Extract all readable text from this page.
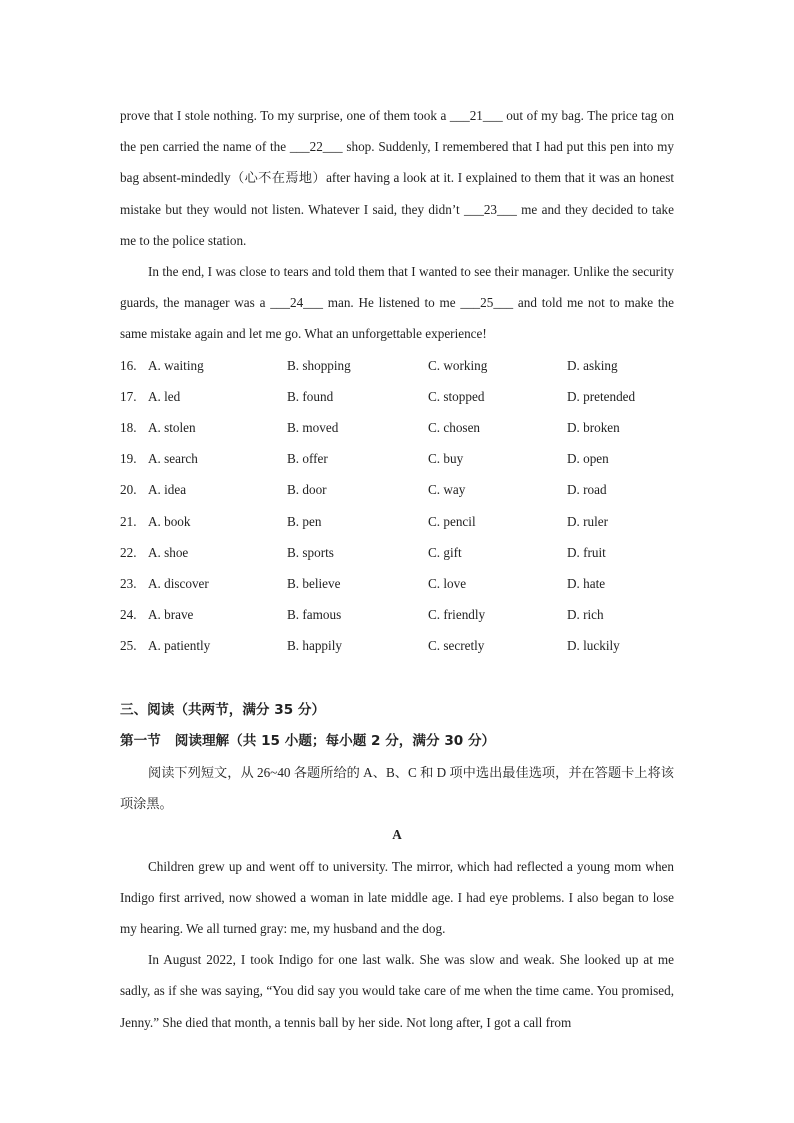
prove that I stole nothing. To my surprise, one of them took a ___21___ out of my bag. The price tag on the pen carried the name of the ___22___ shop. Suddenly, I remembered that I had put this pen into my bag absent-mindedly（心不在焉地）after having a look at it. I explained to them that it was an honest mistake but they would not listen. Whatever I said, they didn’t ___23___ me and they decided to take me to the police station.

In the end, I was close to tears and told them that I wanted to see their manager. Unlike the security guards, the manager was a ___24___ man. He listened to me ___25___ and told me not to make the same mistake again and let me go. What an unforgettable experience!

16. A. waiting	B. shopping	C. working	D. asking
17. A. led	B. found	C. stopped	D. pretended
18. A. stolen	B. moved	C. chosen	D. broken
19. A. search	B. offer	C. buy	D. open
20. A. idea	B. door	C. way	D. road
21. A. book	B. pen	C. pencil	D. ruler
22. A. shoe	B. sports	C. gift	D. fruit
23. A. discover	B. believe	C. love	D. hate
24. A. brave	B. famous	C. friendly	D. rich
25. A. patiently	B. happily	C. secretly	D. luckily

三、阅读（共两节，满分 35 分）

第一节 阅读理解（共 15 小题；每小题 2 分，满分 30 分）

阅读下列短文，从 26~40 各题所给的 A、B、C 和 D 项中选出最佳选项，并在答题卡上将该项涂黑。

A

Children grew up and went off to university. The mirror, which had reflected a young mom when Indigo first arrived, now showed a woman in late middle age. I had eye problems. I also began to lose my hearing. We all turned gray: me, my husband and the dog.

In August 2022, I took Indigo for one last walk. She was slow and weak. She looked up at me sadly, as if she was saying, “You did say you would take care of me when the time came. You promised, Jenny.” She died that month, a tennis ball by her side. Not long after, I got a call from
